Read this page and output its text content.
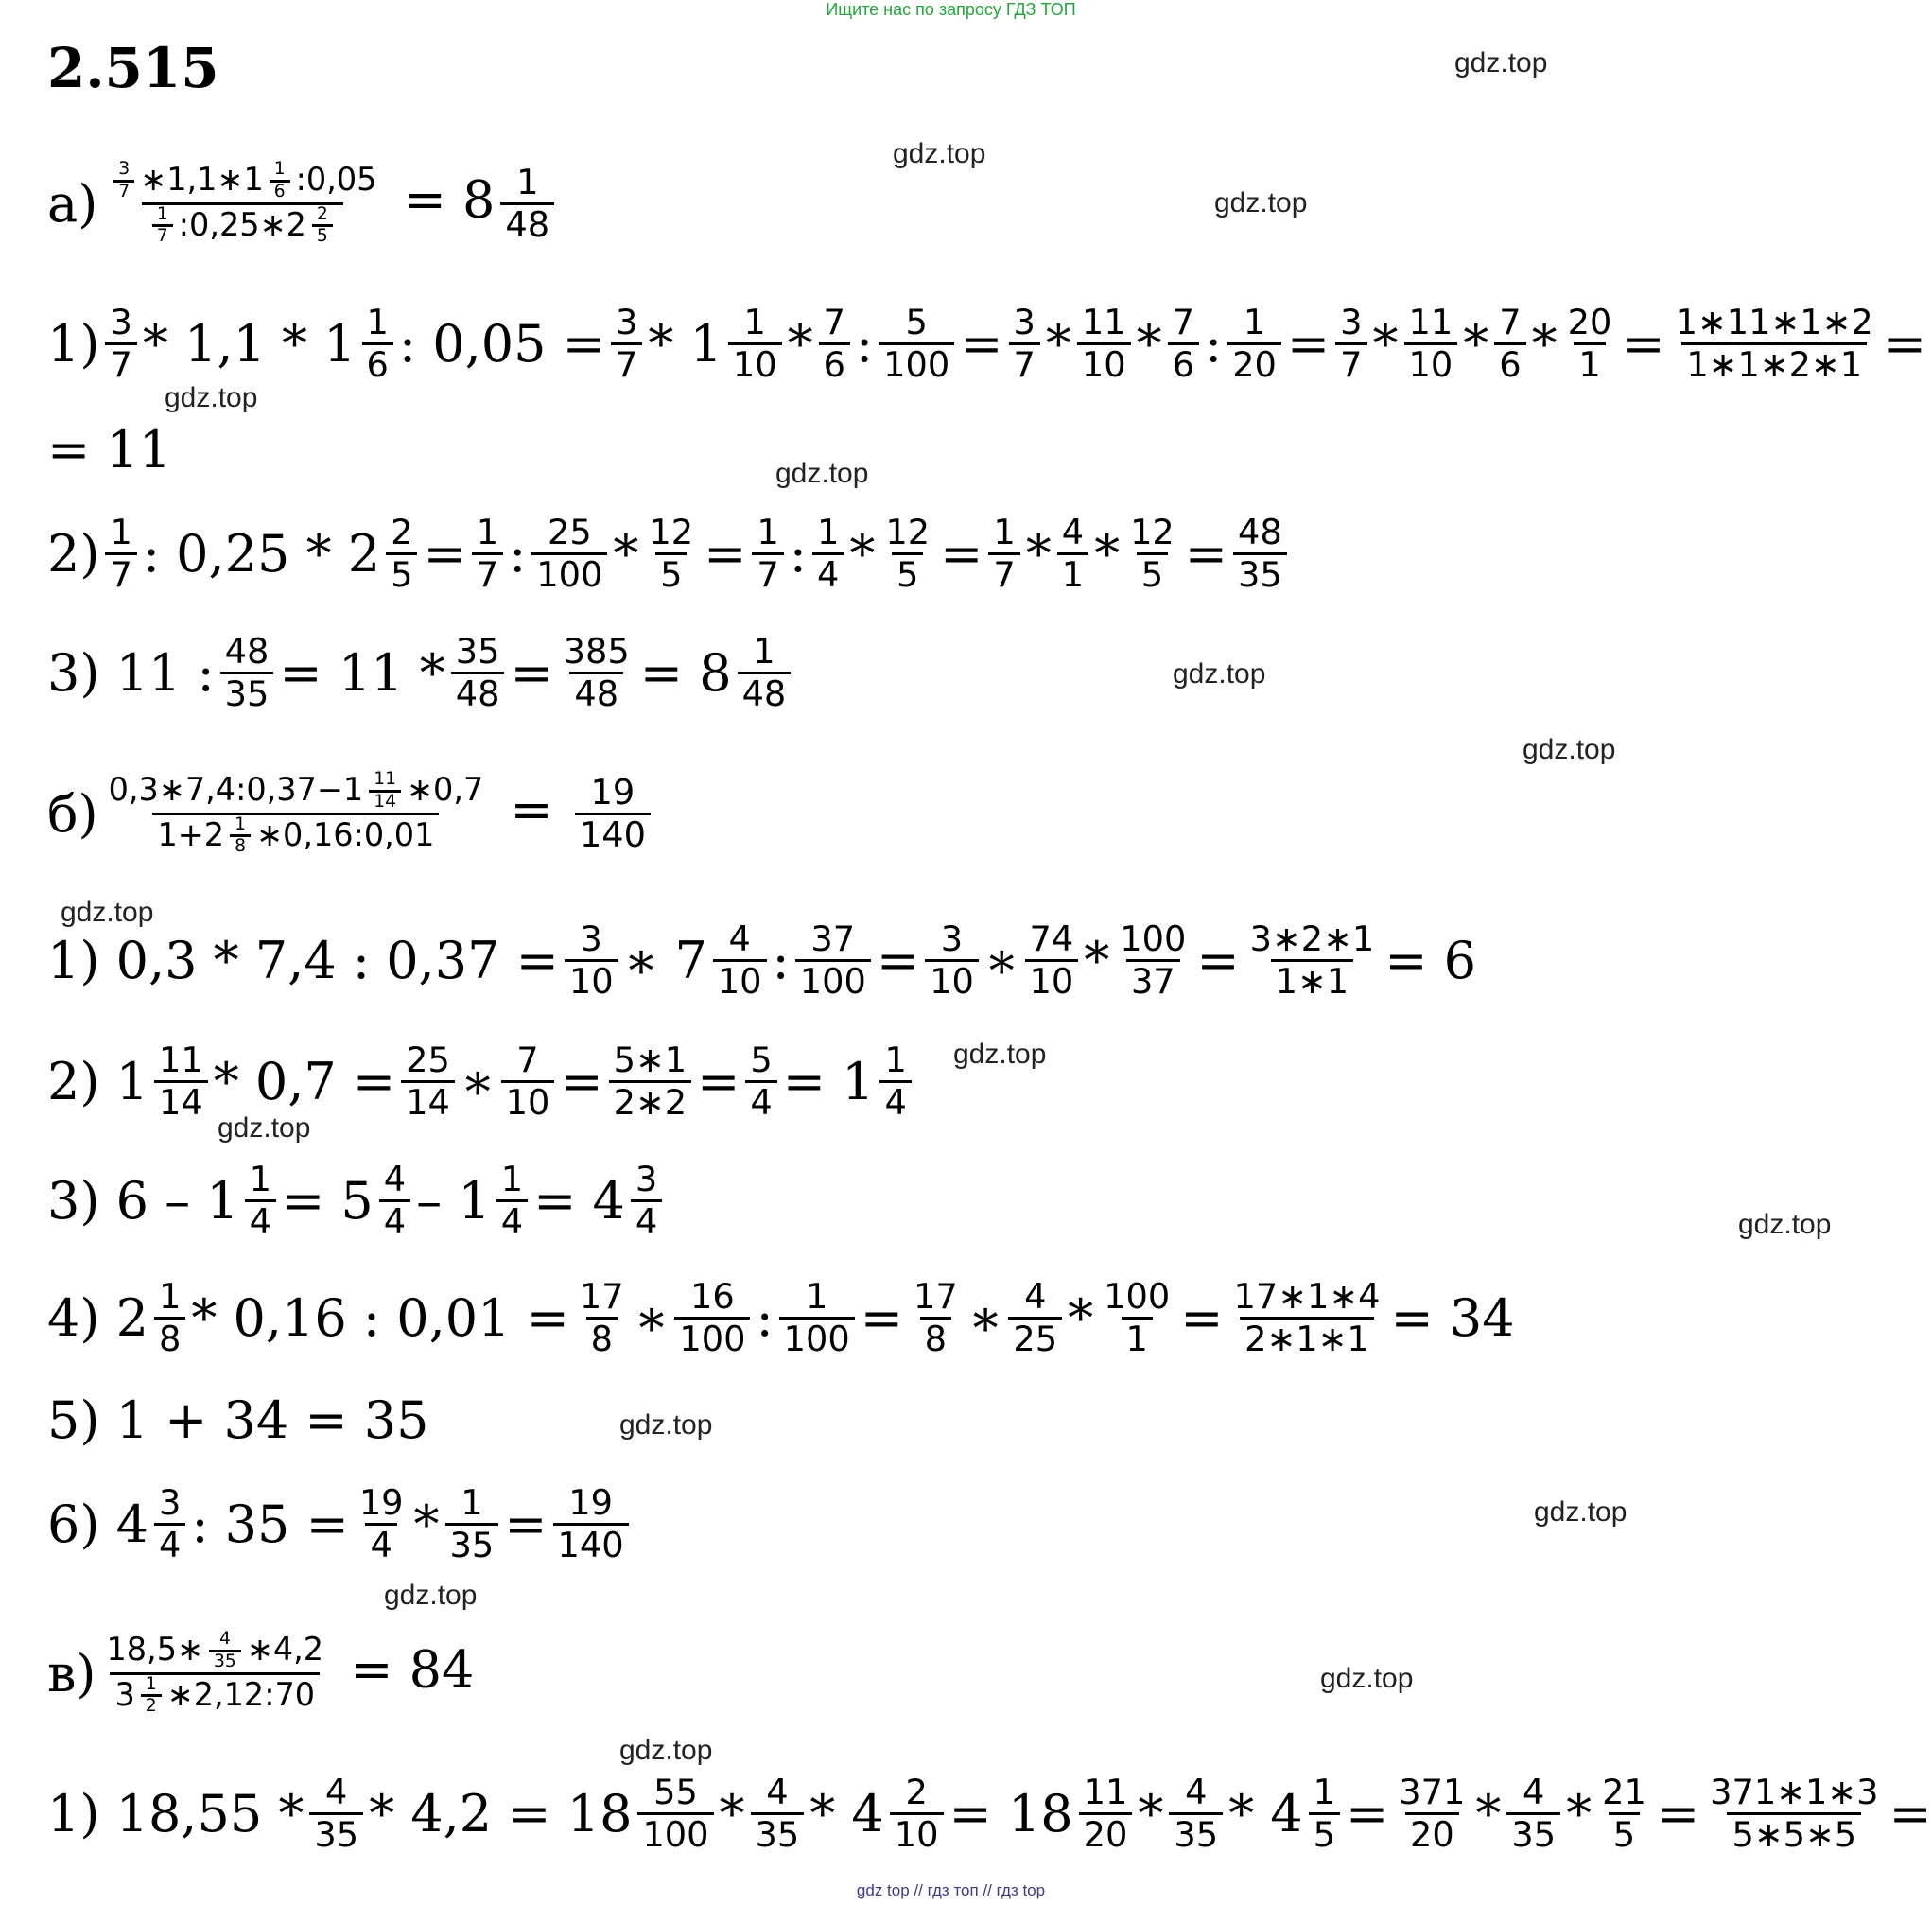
Ищите нас по запросу ГДЗ ТОП
2.515	gdz.top
gdz.top
gdz.top
gdz.top
gdz.top
gdz.top
gdz.top
gdz.top
gdz.top
gdz.top
gdz.top
gdz.top
gdz.top
gdz.top
gdz.top
gdz.top
$а) \frac{\frac{3}{7} ∗1,1∗1 \frac{1}{6} :0,05}{\frac{1}{7} :0,25∗2 \frac{2}{5}} = 8 \frac{1}{48}$
$1) \frac{3}{7} * 1,1 * 1 \frac{1}{6}$ : $0,05 = \frac{3}{7} * 1 \frac{1}{10} * \frac{7}{6}$ : $\frac{5}{100} = \frac{3}{7} * \frac{11}{10} * \frac{7}{6}$ : $\frac{1}{20} = \frac{3}{7} * \frac{11}{10} * \frac{7}{6} * \frac{20}{1} = \frac{1∗11∗1∗2}{1∗1∗2∗1}$ =
= 11
$2) \frac{1}{7}$ : $0,25 * 2 \frac{2}{5} = \frac{1}{7}$ : $\frac{25}{100} * \frac{12}{5} = \frac{1}{7}$ : $\frac{1}{4} * \frac{12}{5} = \frac{1}{7} * \frac{4}{1} * \frac{12}{5} = \frac{48}{35}$
3) 11 : $\frac{48}{35} = 11 * \frac{35}{48} = \frac{385}{48} = 8 \frac{1}{48}$
$б) \frac{0,3∗7,4:0,37-1 \frac{11}{14} ∗0,7}{1+2 \frac{1}{8} ∗0,16:0,01} = \frac{19}{140}$
1) 0,3 * 7,4 : $0,37 = \frac{3}{10}$ ∗ $7 \frac{4}{10}$ : $\frac{37}{100} = \frac{3}{10}$ ∗ $\frac{74}{10} * \frac{100}{37} = \frac{3∗2∗1}{1∗1} = 6$
2) $1 \frac{11}{14} * 0,7 = \frac{25}{14}$ ∗ $\frac{7}{10} = \frac{5∗1}{2∗2} = \frac{5}{4} = 1 \frac{1}{4}$
3) $6 - 1 \frac{1}{4} = 5 \frac{4}{4} - 1 \frac{1}{4} = 4 \frac{3}{4}$
4) $2 \frac{1}{8} * 0,16$ : $0,01 = \frac{17}{8}$ ∗ $\frac{16}{100}$ : $\frac{1}{100} = \frac{17}{8}$ ∗ $\frac{4}{25} * \frac{100}{1} = \frac{17∗1∗4}{2∗1∗1} = 34$
5) 1 + 34 = 35
6) $4 \frac{3}{4}$ : $35 = \frac{19}{4} * \frac{1}{35} = \frac{19}{140}$
$в) \frac{18,5∗ \frac{4}{35} ∗4,2}{3 \frac{1}{2} ∗2,12:70} = 84$
1) $18,55 * \frac{4}{35} * 4,2 = 18 \frac{55}{100} * \frac{4}{35} * 4 \frac{2}{10} = 18 \frac{11}{20} * \frac{4}{35} * 4 \frac{1}{5} = \frac{371}{20} * \frac{4}{35} * \frac{21}{5} = \frac{371∗1∗3}{5∗5∗5}$ =
gdz top // гдз топ // гдз top
